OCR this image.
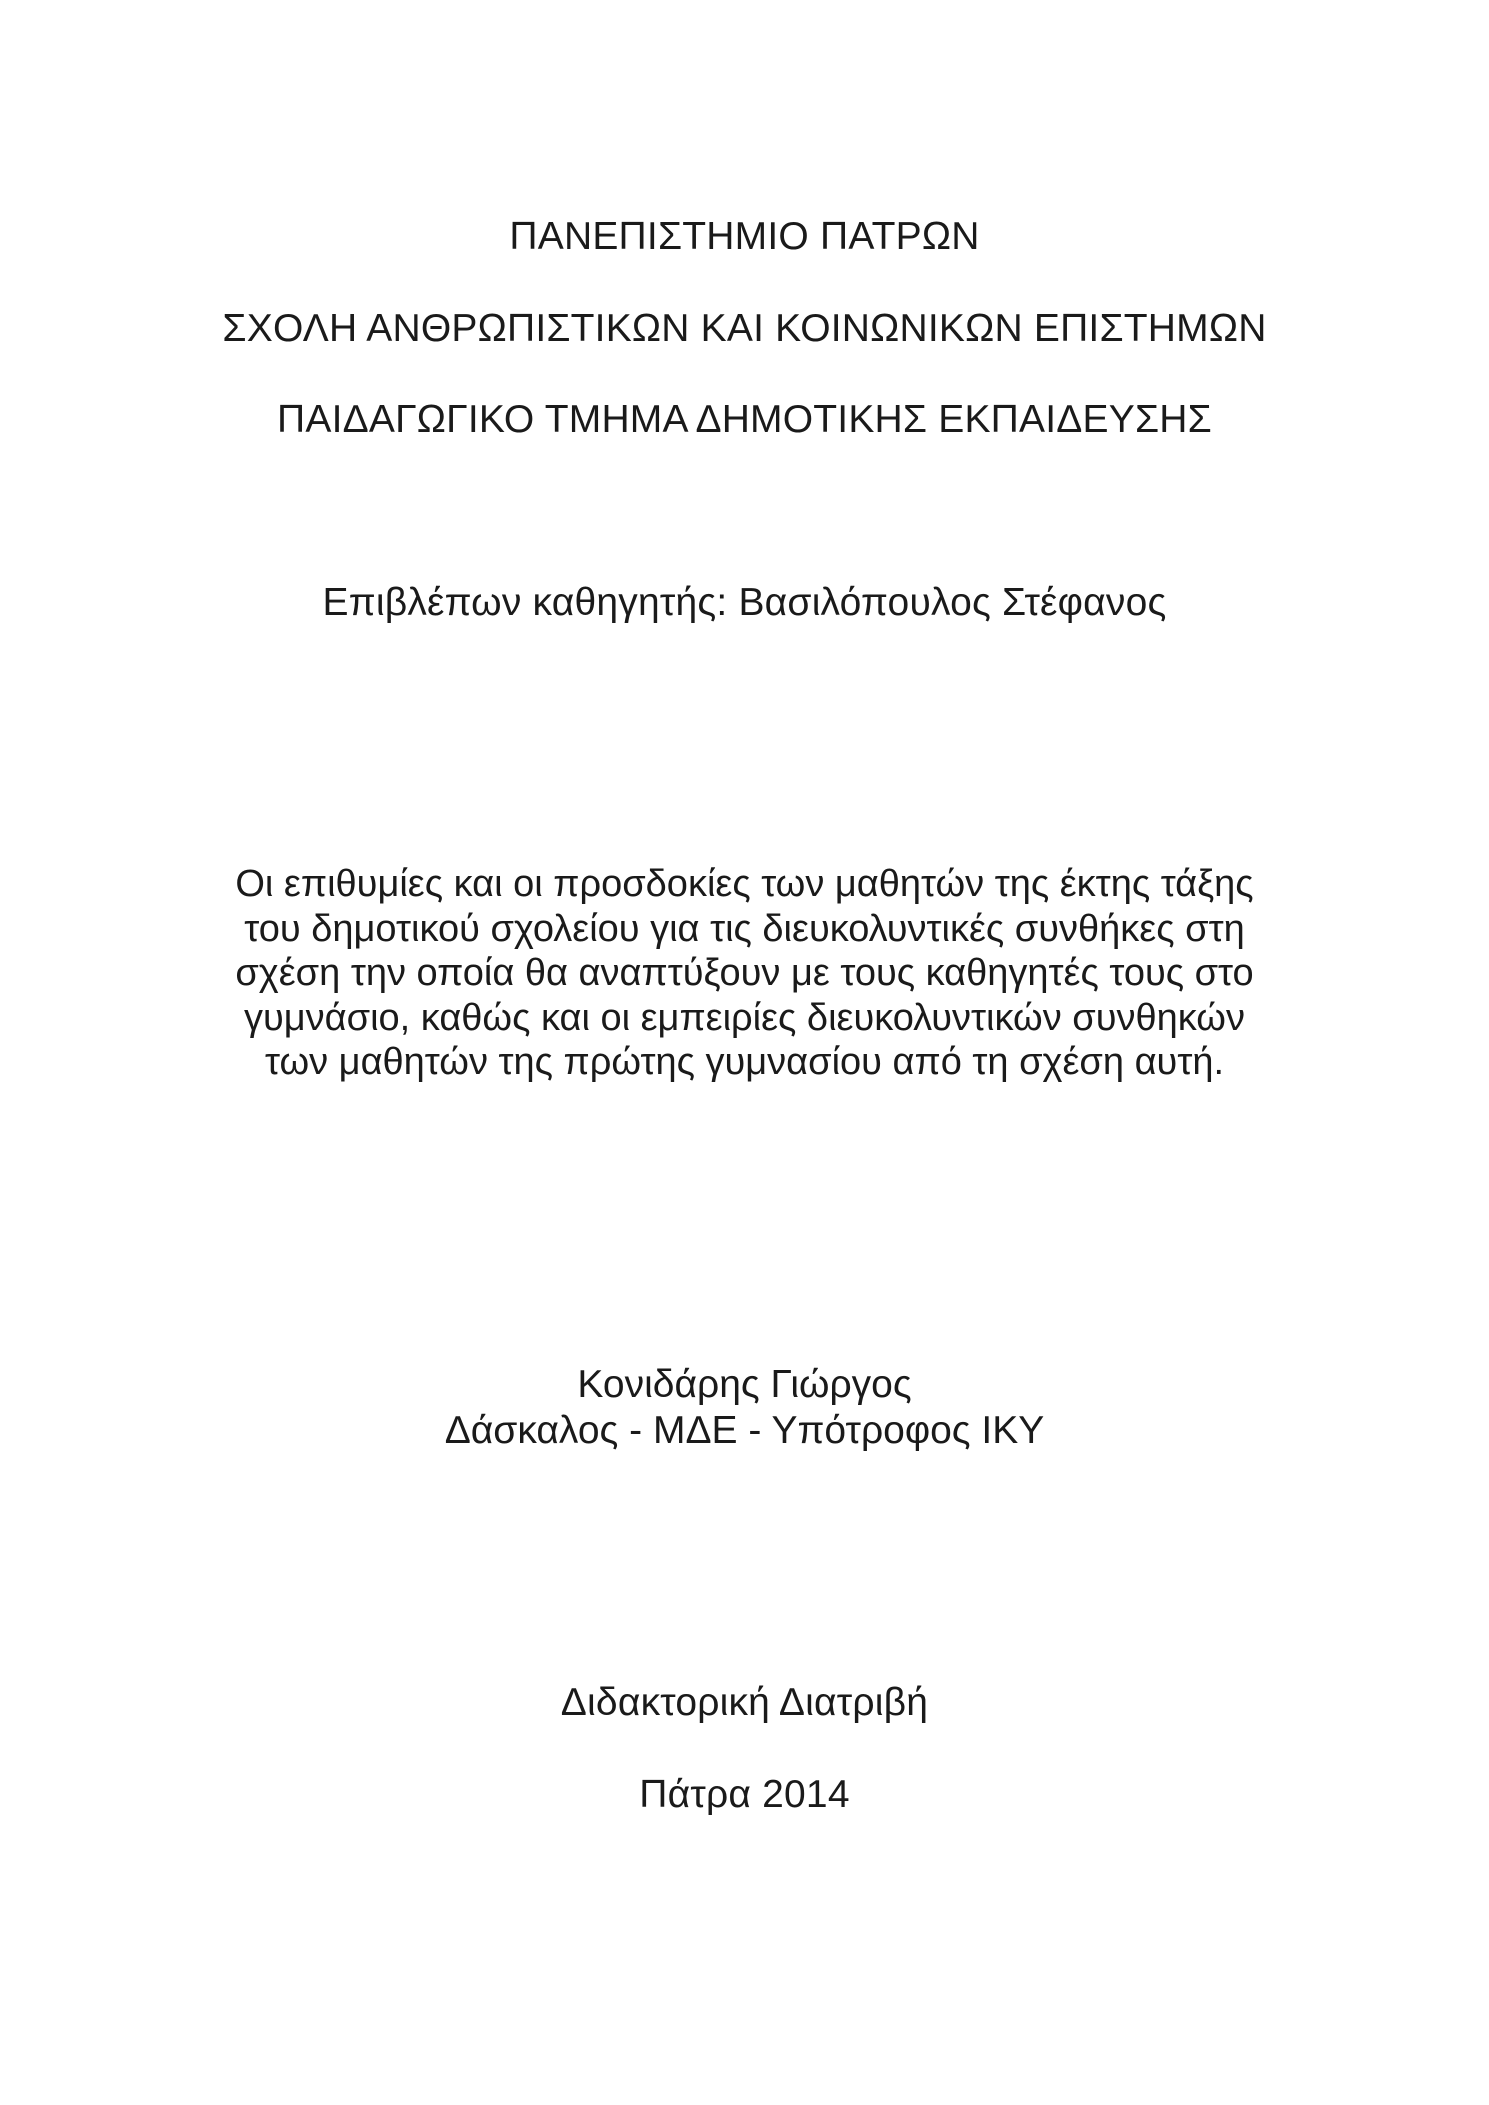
ΠΑΝΕΠΙΣΤΗΜΙΟ ΠΑΤΡΩΝ
ΣΧΟΛΗ ΑΝΘΡΩΠΙΣΤΙΚΩΝ ΚΑΙ ΚΟΙΝΩΝΙΚΩΝ ΕΠΙΣΤΗΜΩΝ
ΠΑΙΔΑΓΩΓΙΚΟ ΤΜΗΜΑ ΔΗΜΟΤΙΚΗΣ ΕΚΠΑΙΔΕΥΣΗΣ
Επιβλέπων καθηγητής: Βασιλόπουλος Στέφανος
Οι επιθυμίες και οι προσδοκίες των μαθητών της έκτης τάξης
του δημοτικού σχολείου για τις διευκολυντικές συνθήκες στη
σχέση την οποία θα αναπτύξουν με τους καθηγητές τους στο
γυμνάσιο, καθώς και οι εμπειρίες διευκολυντικών συνθηκών
των μαθητών της πρώτης γυμνασίου από τη σχέση αυτή.
Κονιδάρης Γιώργος
Δάσκαλος - ΜΔΕ - Υπότροφος ΙΚΥ
Διδακτορική Διατριβή
Πάτρα 2014
